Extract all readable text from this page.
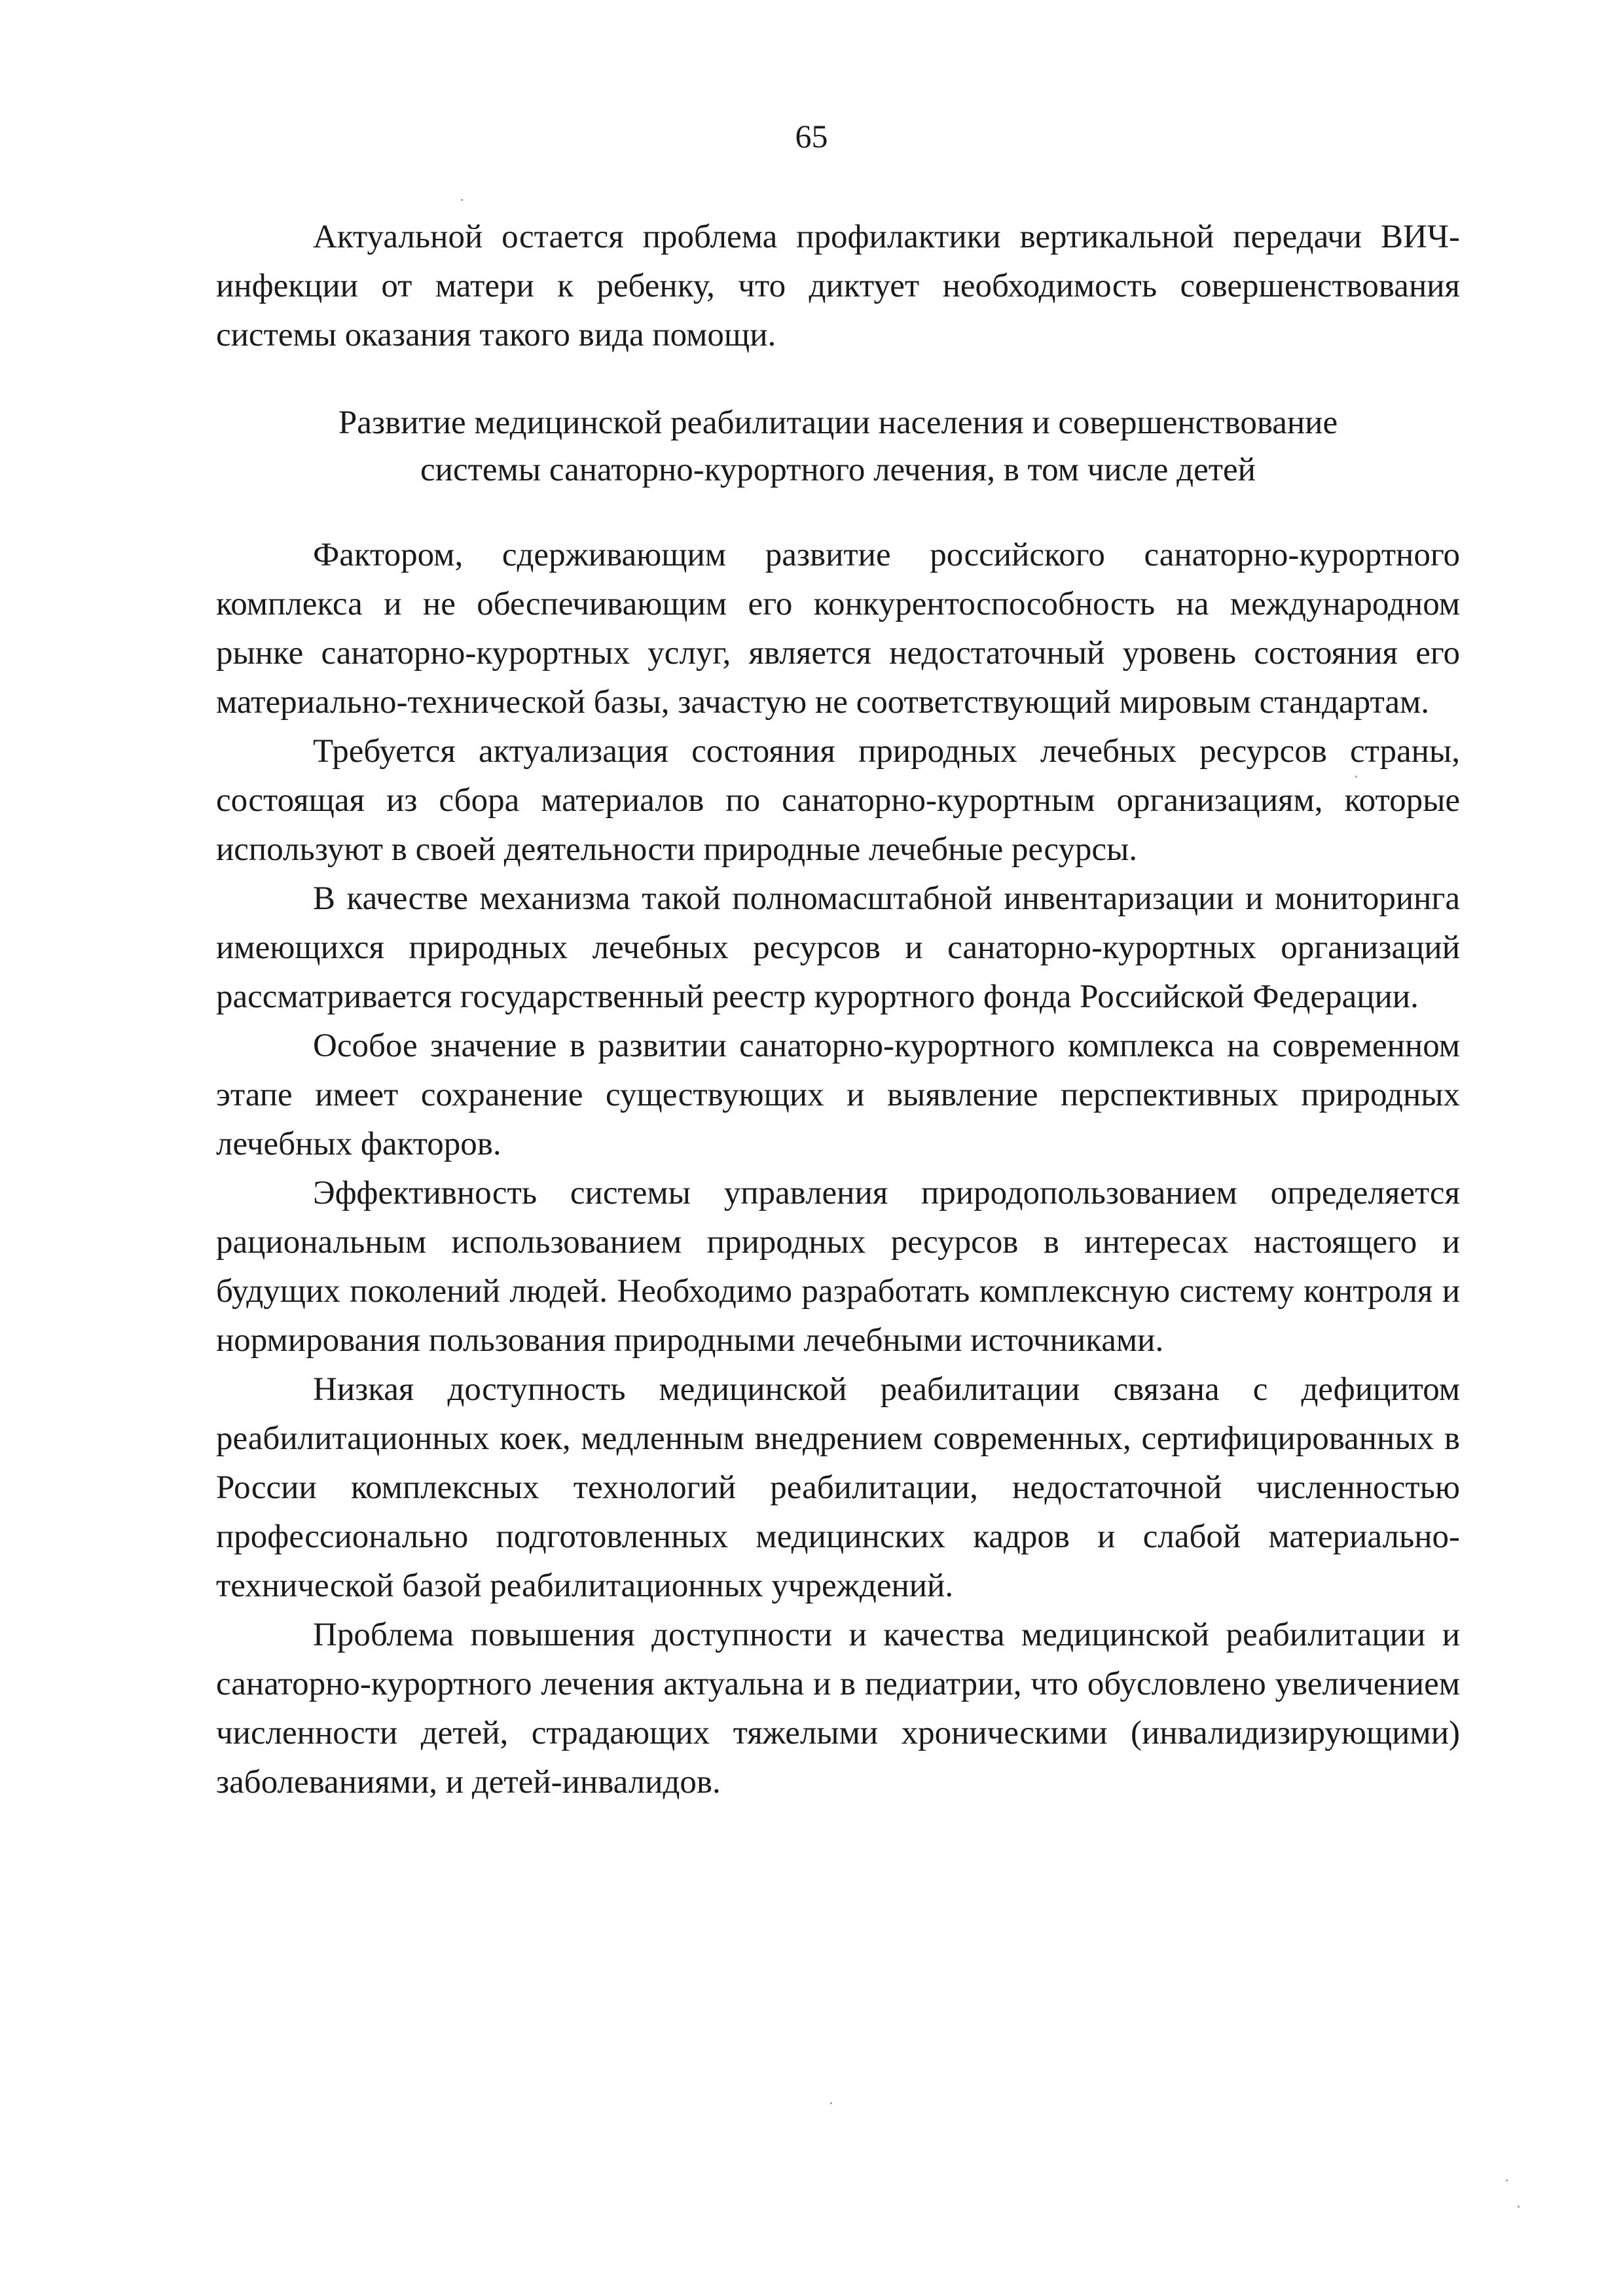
65

Актуальной остается проблема профилактики вертикальной передачи ВИЧ-инфекции от матери к ребенку, что диктует необходимость совершенствования системы оказания такого вида помощи.

Развитие медицинской реабилитации населения и совершенствование
системы санаторно-курортного лечения, в том числе детей

Фактором, сдерживающим развитие российского санаторно-курортного комплекса и не обеспечивающим его конкурентоспособность на международном рынке санаторно-курортных услуг, является недостаточный уровень состояния его материально-технической базы, зачастую не соответствующий мировым стандартам.

Требуется актуализация состояния природных лечебных ресурсов страны, состоящая из сбора материалов по санаторно-курортным организациям, которые используют в своей деятельности природные лечебные ресурсы.

В качестве механизма такой полномасштабной инвентаризации и мониторинга имеющихся природных лечебных ресурсов и санаторно-курортных организаций рассматривается государственный реестр курортного фонда Российской Федерации.

Особое значение в развитии санаторно-курортного комплекса на современном этапе имеет сохранение существующих и выявление перспективных природных лечебных факторов.

Эффективность системы управления природопользованием определяется рациональным использованием природных ресурсов в интересах настоящего и будущих поколений людей. Необходимо разработать комплексную систему контроля и нормирования пользования природными лечебными источниками.

Низкая доступность медицинской реабилитации связана с дефицитом реабилитационных коек, медленным внедрением современных, сертифицированных в России комплексных технологий реабилитации, недостаточной численностью профессионально подготовленных медицинских кадров и слабой материально-технической базой реабилитационных учреждений.

Проблема повышения доступности и качества медицинской реабилитации и санаторно-курортного лечения актуальна и в педиатрии, что обусловлено увеличением численности детей, страдающих тяжелыми хроническими (инвалидизирующими) заболеваниями, и детей-инвалидов.
